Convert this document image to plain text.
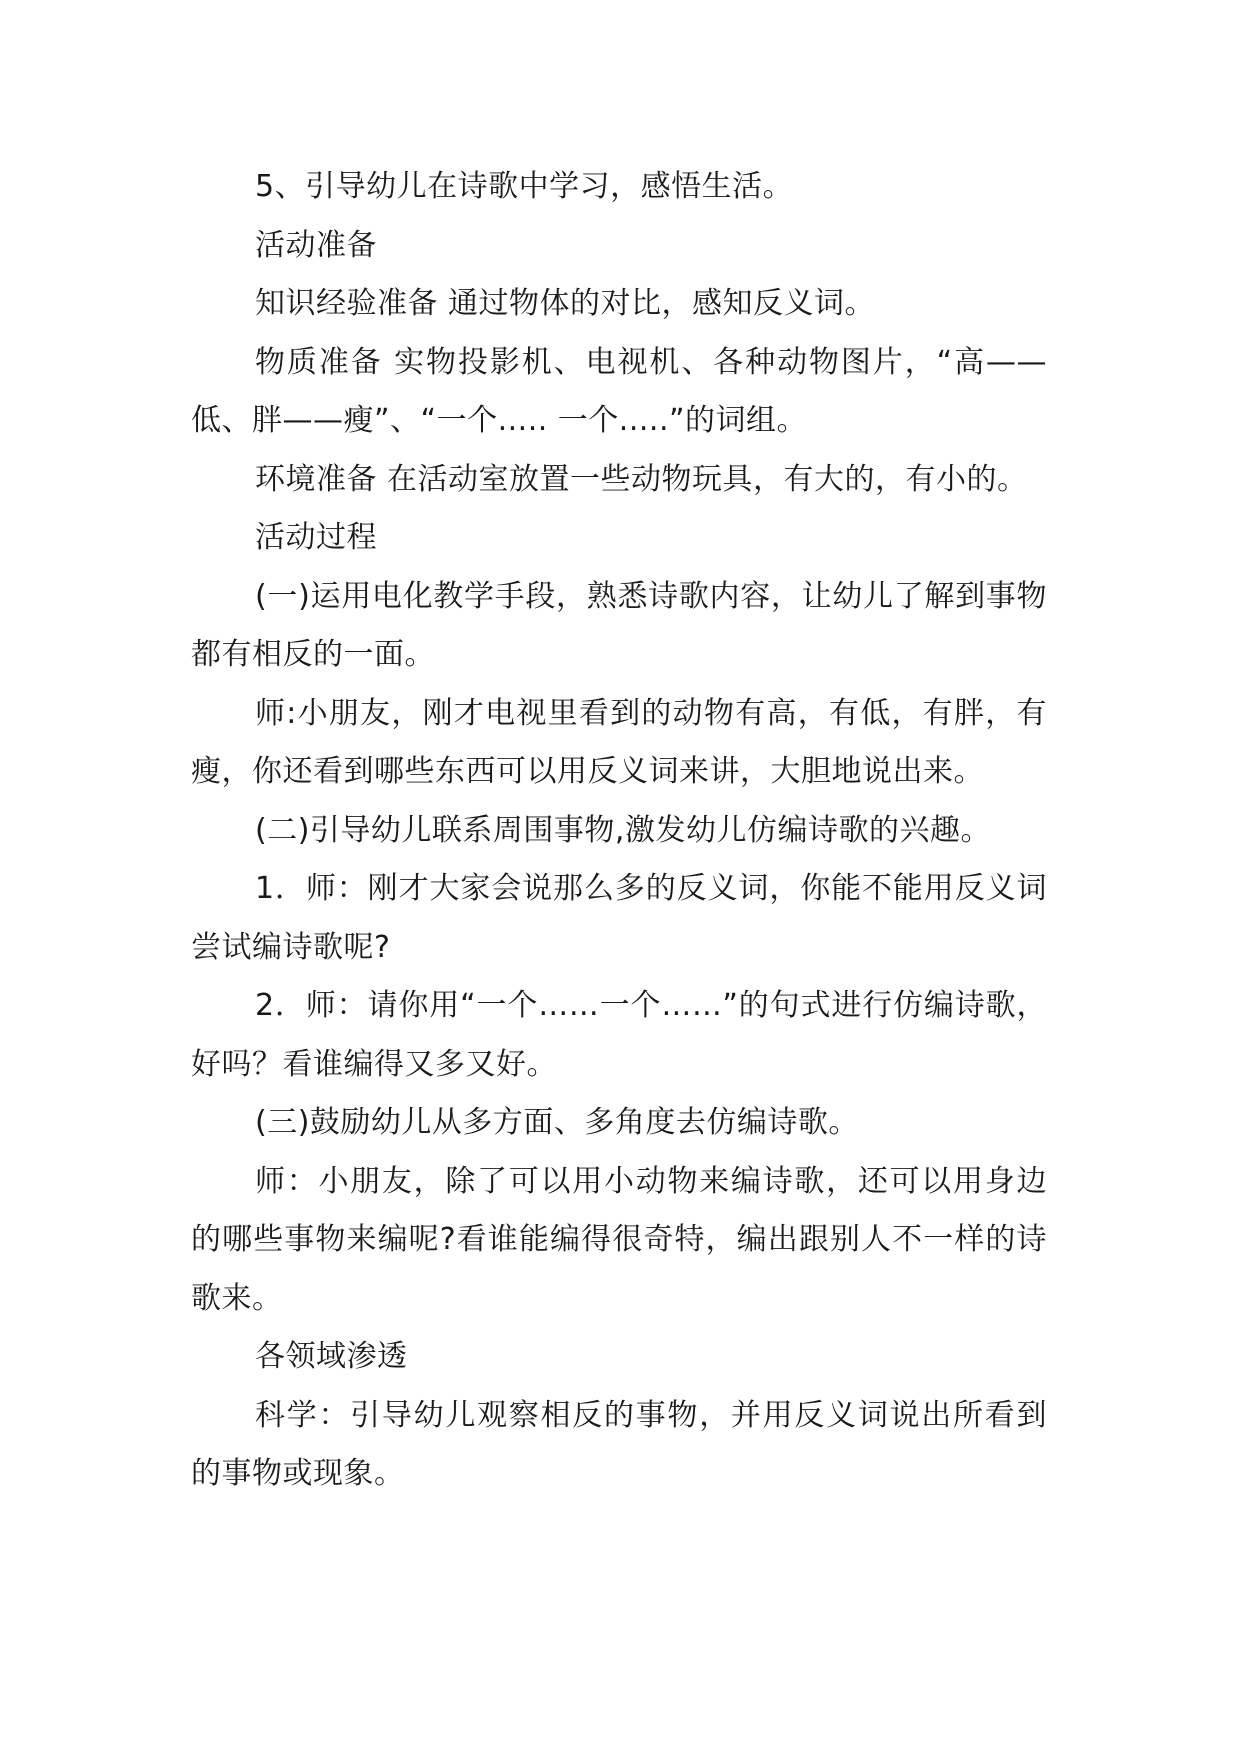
5、引导幼儿在诗歌中学习，感悟生活。

活动准备

知识经验准备 通过物体的对比，感知反义词。

物质准备 实物投影机、电视机、各种动物图片，“高——低、胖——瘦”、“一个..... 一个.....”的词组。

环境准备 在活动室放置一些动物玩具，有大的，有小的。

活动过程

(一)运用电化教学手段，熟悉诗歌内容，让幼儿了解到事物都有相反的一面。

师:小朋友，刚才电视里看到的动物有高，有低，有胖，有瘦，你还看到哪些东西可以用反义词来讲，大胆地说出来。

(二)引导幼儿联系周围事物,激发幼儿仿编诗歌的兴趣。

1．师：刚才大家会说那么多的反义词，你能不能用反义词尝试编诗歌呢?

2．师：请你用“一个……一个……”的句式进行仿编诗歌，好吗？看谁编得又多又好。

(三)鼓励幼儿从多方面、多角度去仿编诗歌。

师：小朋友，除了可以用小动物来编诗歌，还可以用身边的哪些事物来编呢?看谁能编得很奇特，编出跟别人不一样的诗歌来。

各领域渗透

科学：引导幼儿观察相反的事物，并用反义词说出所看到的事物或现象。
